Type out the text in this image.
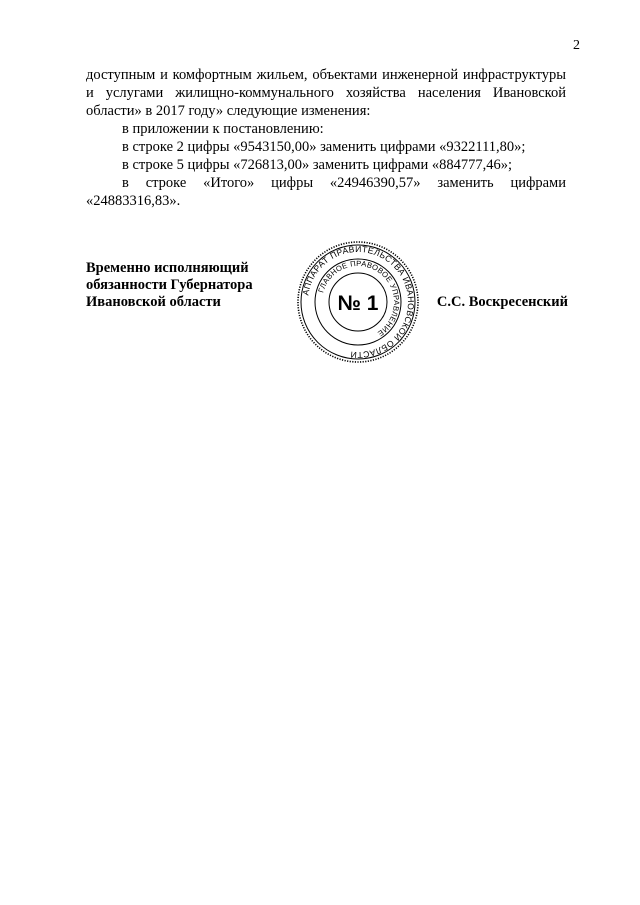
2

доступным и комфортным жильем, объектами инженерной инфраструктуры и услугами жилищно-коммунального хозяйства населения Ивановской области» в 2017 году» следующие изменения:

в приложении к постановлению:

в строке 2 цифры «9543150,00» заменить цифрами «9322111,80»;

в строке 5 цифры «726813,00» заменить цифрами «884777,46»;

в строке «Итого» цифры «24946390,57» заменить цифрами «24883316,83».

Временно исполняющий
обязанности Губернатора
Ивановской области
АППАРАТ ПРАВИТЕЛЬСТВА ИВАНОВСКОЙ ОБЛАСТИ
ГЛАВНОЕ ПРАВОВОЕ УПРАВЛЕНИЕ
№ 1	С.С. Воскресенский
